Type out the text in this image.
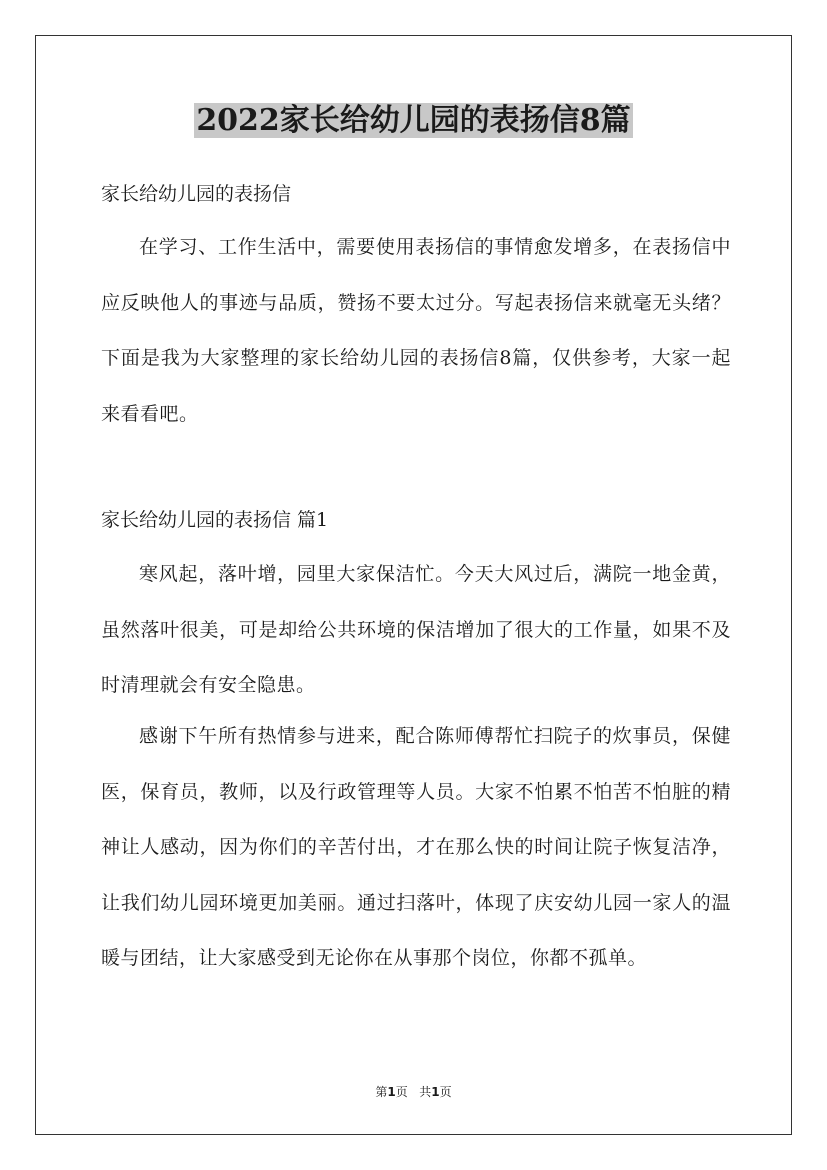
2022家长给幼儿园的表扬信8篇

家长给幼儿园的表扬信

在学习、工作生活中，需要使用表扬信的事情愈发增多，在表扬信中应反映他人的事迹与品质，赞扬不要太过分。写起表扬信来就毫无头绪？下面是我为大家整理的家长给幼儿园的表扬信8篇，仅供参考，大家一起来看看吧。

家长给幼儿园的表扬信 篇1

寒风起，落叶增，园里大家保洁忙。今天大风过后，满院一地金黄，虽然落叶很美，可是却给公共环境的保洁增加了很大的工作量，如果不及时清理就会有安全隐患。

感谢下午所有热情参与进来，配合陈师傅帮忙扫院子的炊事员，保健医，保育员，教师，以及行政管理等人员。大家不怕累不怕苦不怕脏的精神让人感动，因为你们的辛苦付出，才在那么快的时间让院子恢复洁净，让我们幼儿园环境更加美丽。通过扫落叶，体现了庆安幼儿园一家人的温暖与团结，让大家感受到无论你在从事那个岗位，你都不孤单。

第1页 共1页
